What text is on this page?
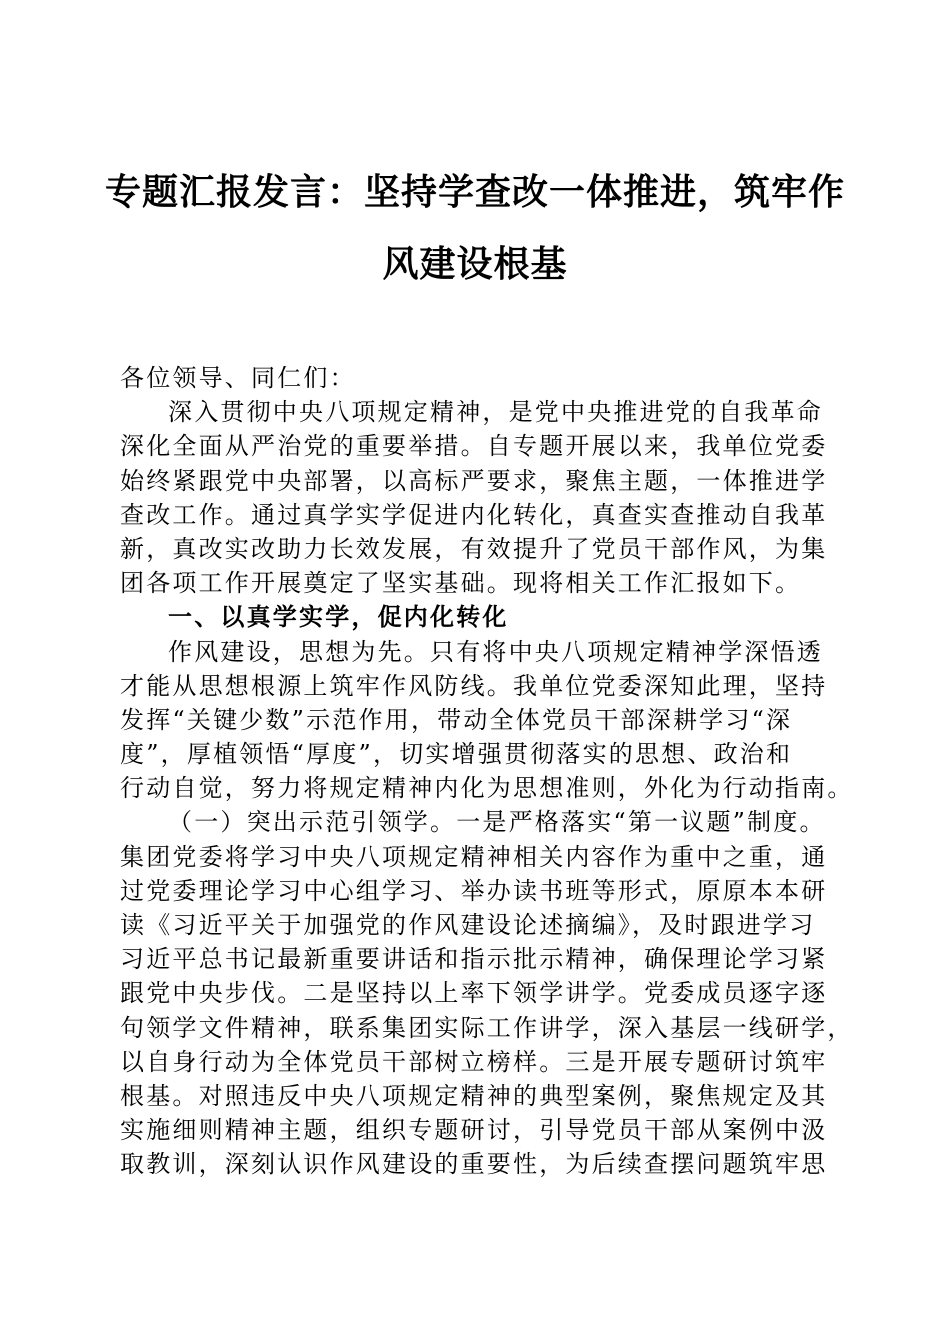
专题汇报发言：坚持学查改一体推进，筑牢作
风建设根基
各位领导、同仁们：
深入贯彻中央八项规定精神，是党中央推进党的自我革命
深化全面从严治党的重要举措。自专题开展以来，我单位党委
始终紧跟党中央部署，以高标严要求，聚焦主题，一体推进学
查改工作。通过真学实学促进内化转化，真查实查推动自我革
新，真改实改助力长效发展，有效提升了党员干部作风，为集
团各项工作开展奠定了坚实基础。现将相关工作汇报如下。
一、以真学实学，促内化转化
作风建设，思想为先。只有将中央八项规定精神学深悟透
才能从思想根源上筑牢作风防线。我单位党委深知此理，坚持
发挥“关键少数”示范作用，带动全体党员干部深耕学习“深
度”，厚植领悟“厚度”，切实增强贯彻落实的思想、政治和
行动自觉，努力将规定精神内化为思想准则，外化为行动指南。
（一）突出示范引领学。一是严格落实“第一议题”制度。
集团党委将学习中央八项规定精神相关内容作为重中之重，通
过党委理论学习中心组学习、举办读书班等形式，原原本本研
读《习近平关于加强党的作风建设论述摘编》，及时跟进学习
习近平总书记最新重要讲话和指示批示精神，确保理论学习紧
跟党中央步伐。二是坚持以上率下领学讲学。党委成员逐字逐
句领学文件精神，联系集团实际工作讲学，深入基层一线研学，
以自身行动为全体党员干部树立榜样。三是开展专题研讨筑牢
根基。对照违反中央八项规定精神的典型案例，聚焦规定及其
实施细则精神主题，组织专题研讨，引导党员干部从案例中汲
取教训，深刻认识作风建设的重要性，为后续查摆问题筑牢思
